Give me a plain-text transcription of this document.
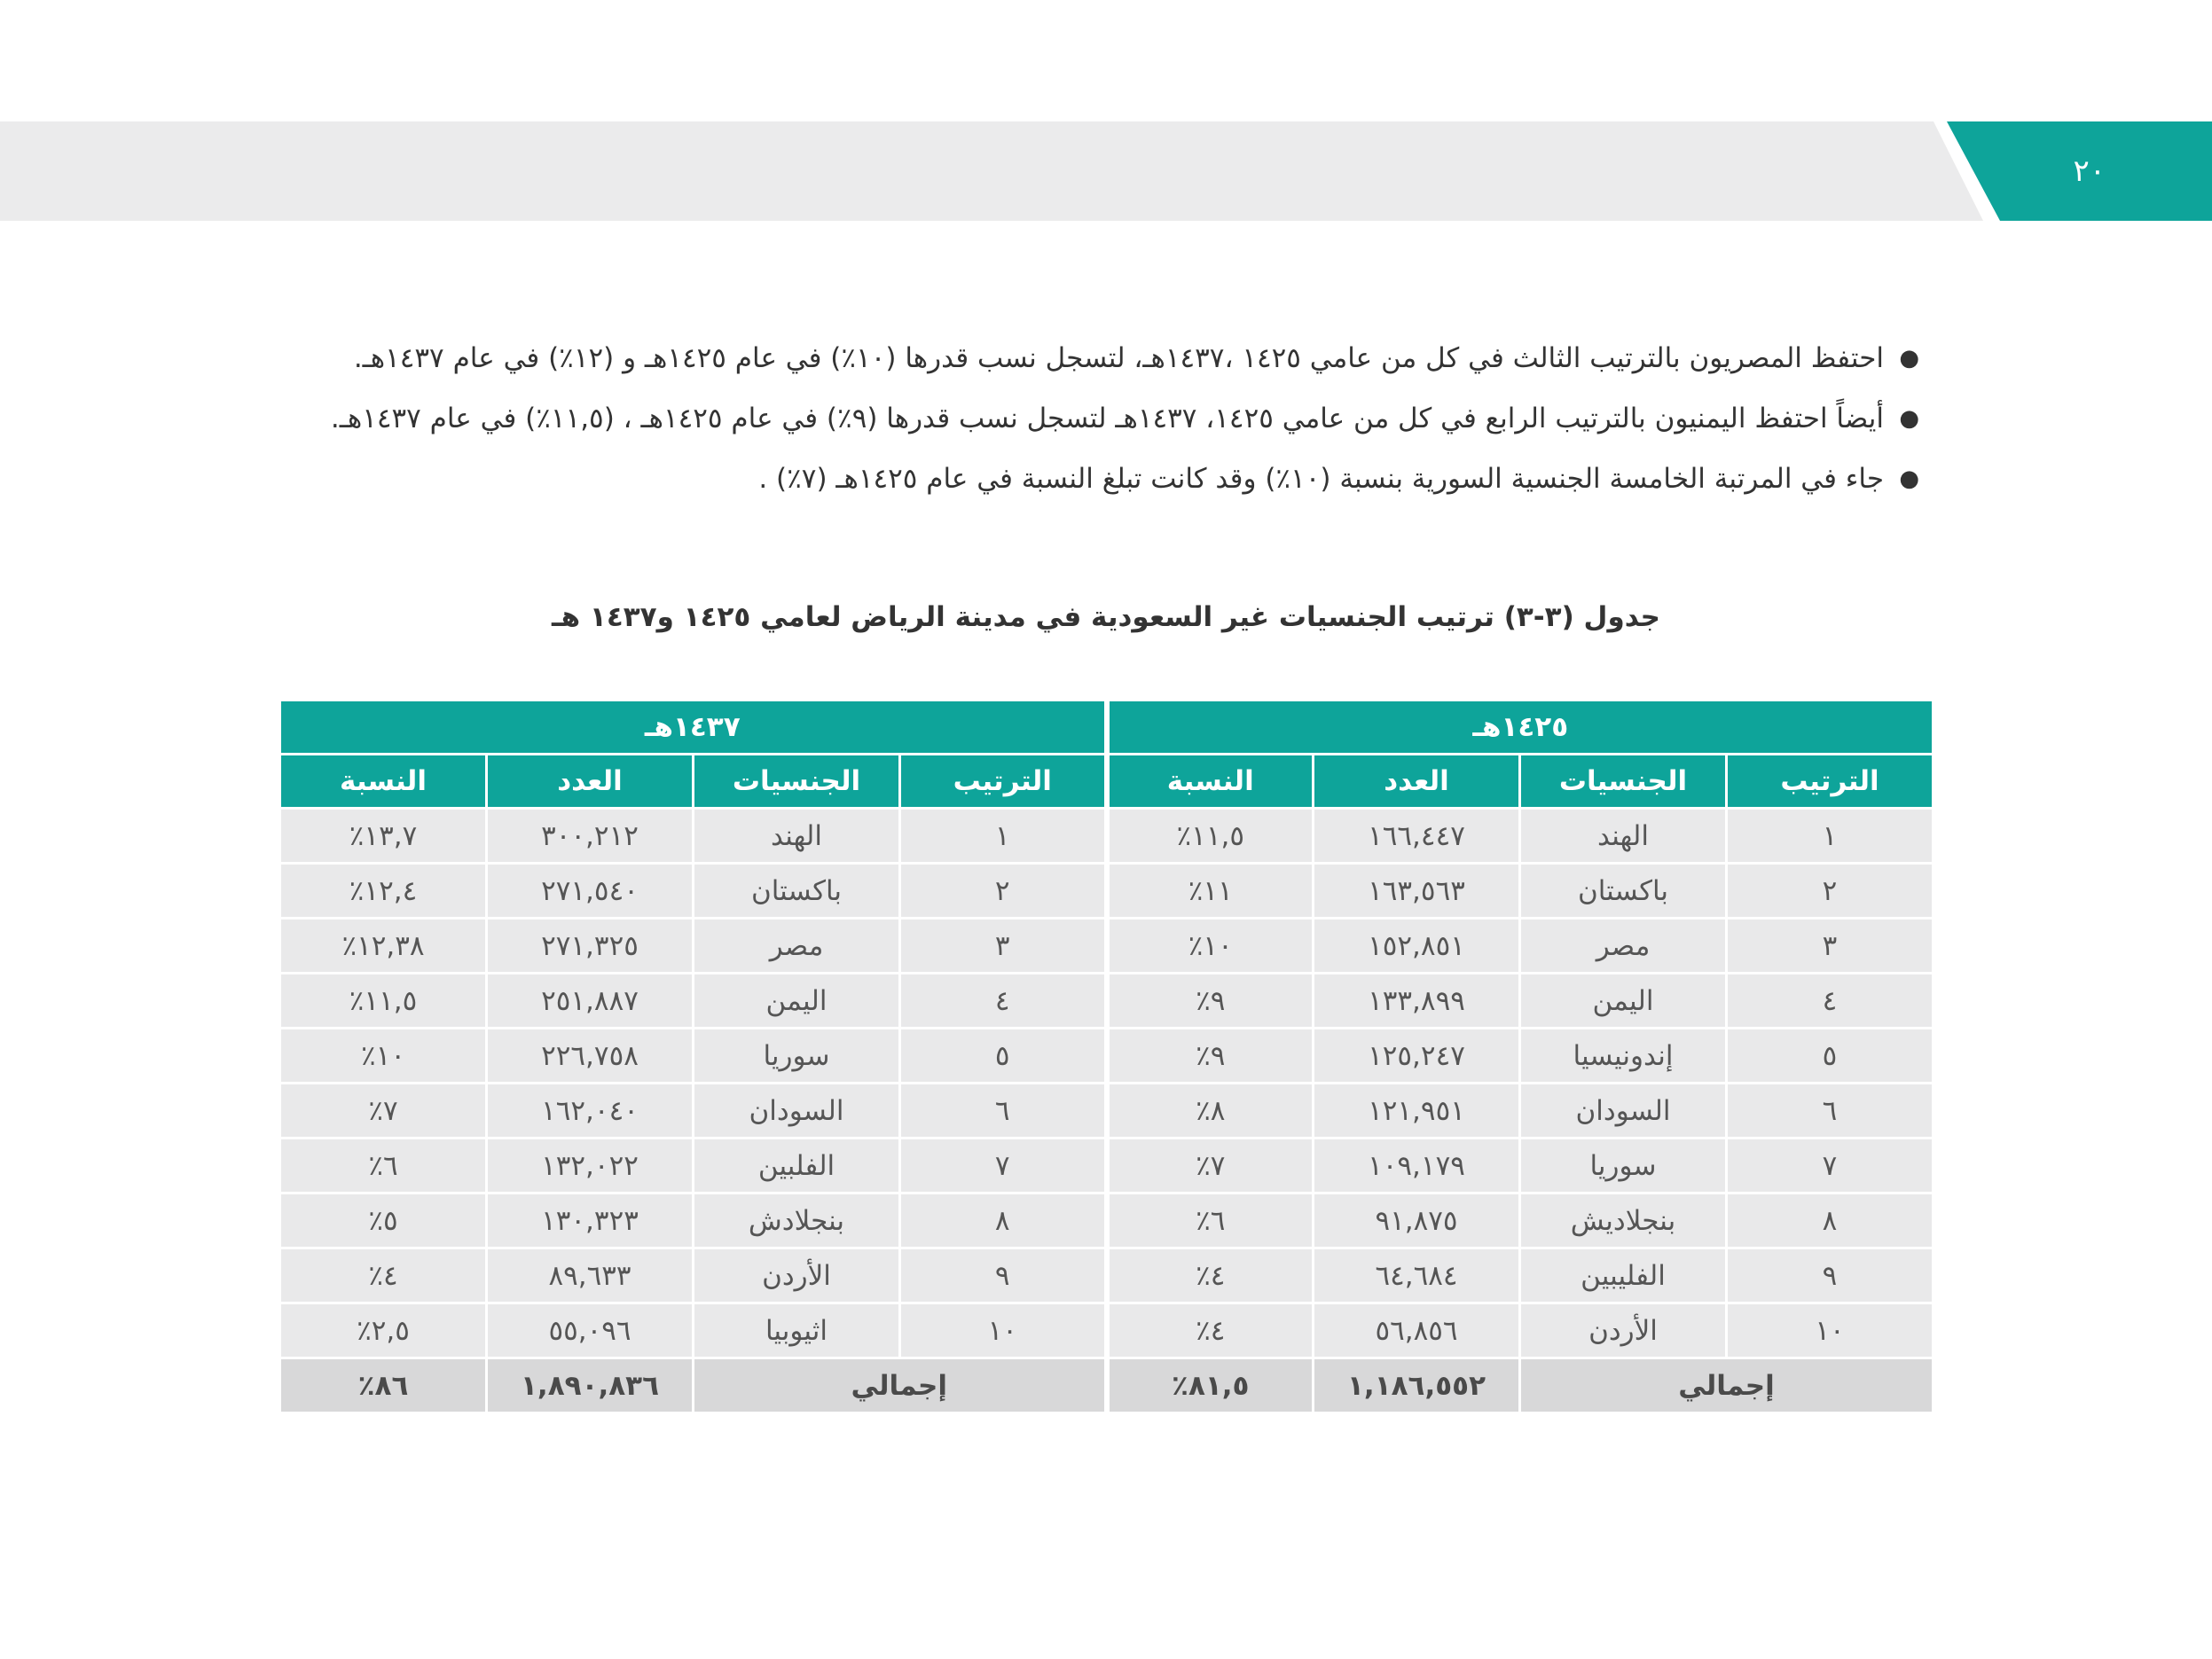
٢٠
●
احتفظ المصريون بالترتيب الثالث في كل من عامي ١٤٢٥ ،١٤٣٧هـ، لتسجل نسب قدرها (١٠٪) في عام ١٤٢٥هـ و (١٢٪) في عام ١٤٣٧هـ.
●
أيضاً احتفظ اليمنيون بالترتيب الرابع في كل من عامي ١٤٢٥، ١٤٣٧هـ لتسجل نسب قدرها (٩٪) في عام ١٤٢٥هـ ، (١١,٥٪) في عام ١٤٣٧هـ.
●
جاء في المرتبة الخامسة الجنسية السورية بنسبة (١٠٪) وقد كانت تبلغ النسبة في عام ١٤٢٥هـ (٧٪) .
جدول (٣-٣) ترتيب الجنسيات غير السعودية في مدينة الرياض لعامي ١٤٢٥ و١٤٣٧ هـ
١٤٢٥هـ				١٤٣٧هـ			
الترتيب	الجنسيات	العدد	النسبة	الترتيب	الجنسيات	العدد	النسبة
١	الهند	١٦٦,٤٤٧	١١,٥٪	١	الهند	٣٠٠,٢١٢	١٣,٧٪
٢	باكستان	١٦٣,٥٦٣	١١٪	٢	باكستان	٢٧١,٥٤٠	١٢,٤٪
٣	مصر	١٥٢,٨٥١	١٠٪	٣	مصر	٢٧١,٣٢٥	١٢,٣٨٪
٤	اليمن	١٣٣,٨٩٩	٩٪	٤	اليمن	٢٥١,٨٨٧	١١,٥٪
٥	إندونيسيا	١٢٥,٢٤٧	٩٪	٥	سوريا	٢٢٦,٧٥٨	١٠٪
٦	السودان	١٢١,٩٥١	٨٪	٦	السودان	١٦٢,٠٤٠	٧٪
٧	سوريا	١٠٩,١٧٩	٧٪	٧	الفلبين	١٣٢,٠٢٢	٦٪
٨	بنجلاديش	٩١,٨٧٥	٦٪	٨	بنجلادش	١٣٠,٣٢٣	٥٪
٩	الفليبين	٦٤,٦٨٤	٤٪	٩	الأردن	٨٩,٦٣٣	٤٪
١٠	الأردن	٥٦,٨٥٦	٤٪	١٠	اثيوبيا	٥٥,٠٩٦	٢,٥٪
إجمالي		١,١٨٦,٥٥٢	٨١,٥٪	إجمالي		١,٨٩٠,٨٣٦	٨٦٪
